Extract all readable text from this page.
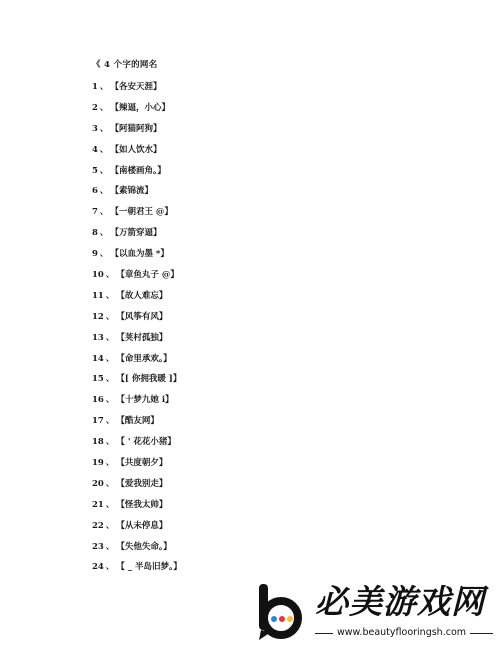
《 4 个字的网名
1 、 【各安天涯】
2 、 【辣逼，小心】
3 、 【阿猫阿狗】
4 、 【如人饮水】
5 、 【南楼画角。】
6 、 【素锦流】
7 、 【一朝君王 @】
8 、 【万箭穿逼】
9 、 【以血为墨 *】
10 、 【章鱼丸子 @】
11 、 【故人难忘】
12 、 【风筝有风】
13 、 【荚村孤独】
14 、 【命里承欢。】
15 、 【[ 你拥我暖 ]】
16 、 【十梦九她 i】
17 、 【酷友网】
18 、 【 ' 花花小猪】
19 、 【共度朝夕】
20 、 【爱我别走】
21 、 【怪我太帅】
22 、 【从未停息】
23 、 【失他失命。】
24 、 【 _ 半岛旧梦。】
必美游戏网
www.beautyflooringsh.com
